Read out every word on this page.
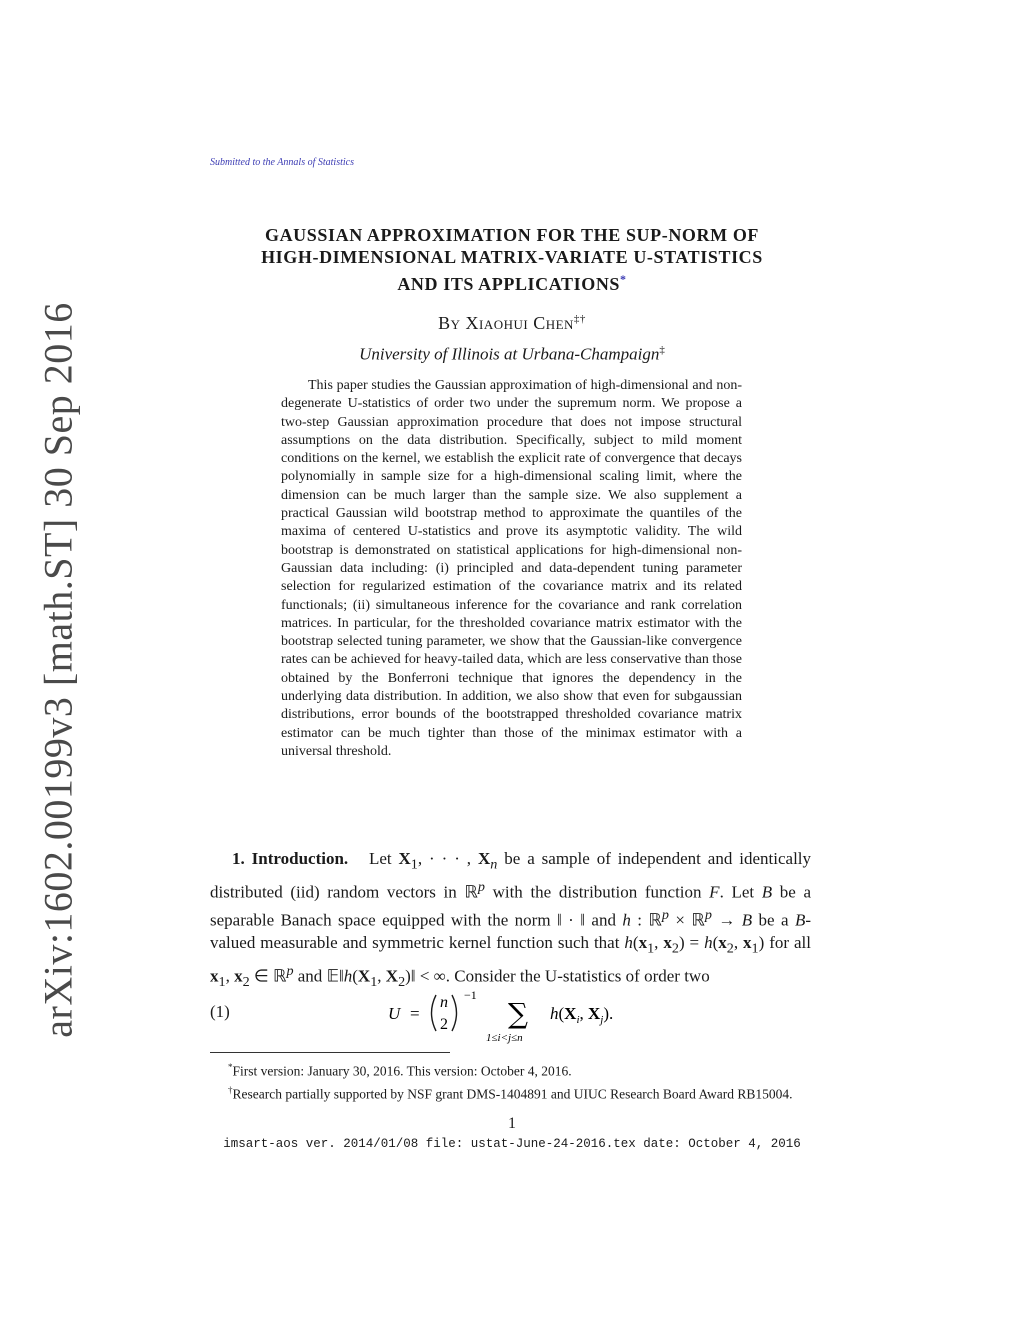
arXiv:1602.00199v3 [math.ST] 30 Sep 2016
Submitted to the Annals of Statistics
GAUSSIAN APPROXIMATION FOR THE SUP-NORM OF
HIGH-DIMENSIONAL MATRIX-VARIATE U-STATISTICS
AND ITS APPLICATIONS*
By Xiaohui Chen‡†
University of Illinois at Urbana-Champaign‡
This paper studies the Gaussian approximation of high-dimensional and non-degenerate U-statistics of order two under the supremum norm. We propose a two-step Gaussian approximation procedure that does not impose structural assumptions on the data distribution. Specifically, subject to mild moment conditions on the kernel, we establish the explicit rate of convergence that decays polynomially in sample size for a high-dimensional scaling limit, where the dimension can be much larger than the sample size. We also supplement a practical Gaussian wild bootstrap method to approximate the quantiles of the maxima of centered U-statistics and prove its asymptotic validity. The wild bootstrap is demonstrated on statistical applications for high-dimensional non-Gaussian data including: (i) principled and data-dependent tuning parameter selection for regularized estimation of the covariance matrix and its related functionals; (ii) simultaneous inference for the covariance and rank correlation matrices. In particular, for the thresholded covariance matrix estimator with the bootstrap selected tuning parameter, we show that the Gaussian-like convergence rates can be achieved for heavy-tailed data, which are less conservative than those obtained by the Bonferroni technique that ignores the dependency in the underlying data distribution. In addition, we also show that even for subgaussian distributions, error bounds of the bootstrapped thresholded covariance matrix estimator can be much tighter than those of the minimax estimator with a universal threshold.
1. Introduction. Let $X_1$, · · · , $X_n$ be a sample of independent and identically distributed (iid) random vectors in ℝ$^p$ with the distribution function F. Let B be a separable Banach space equipped with the norm ‖ · ‖ and h : ℝ$^p$ × ℝ$^p$ → B be a B-valued measurable and symmetric kernel function such that $h(x_1$, $x_2) = h(x_2$, $x_1$) for all $x_1$, $x_2$ ∈ ℝ$^p$ and $𝔼‖h(X_1$, $X_2)‖$ < ∞. Consider the U-statistics of order two
(1)	U =
n
2
−1
∑
1≤i<j≤n
$h(X_i$, $X_j$).

*First version: January 30, 2016. This version: October 4, 2016.

†Research partially supported by NSF grant DMS-1404891 and UIUC Research Board Award RB15004.

1
imsart-aos ver. 2014/01/08 file: ustat-June-24-2016.tex date: October 4, 2016
